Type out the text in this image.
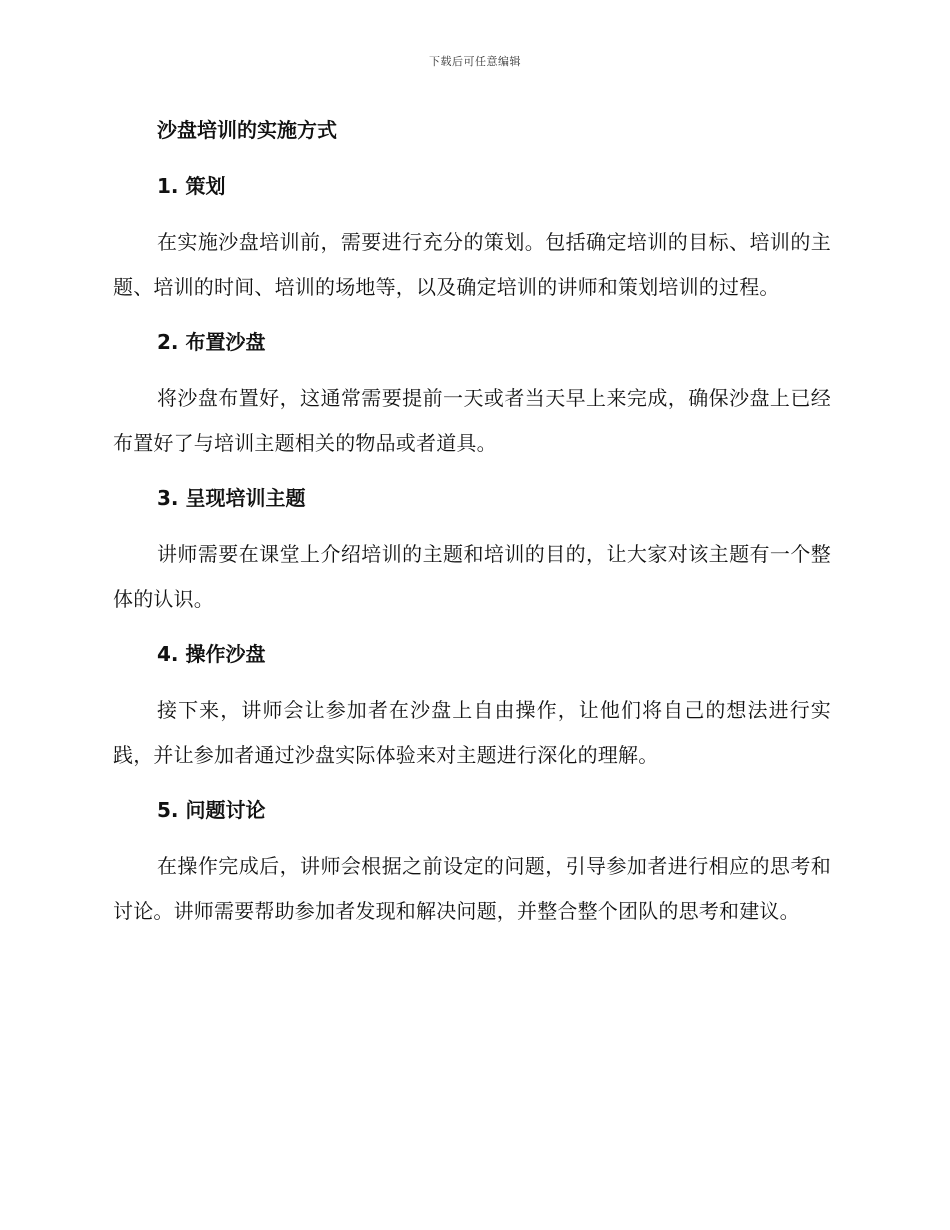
下载后可任意编辑
沙盘培训的实施方式
1. 策划

在实施沙盘培训前，需要进行充分的策划。包括确定培训的目标、培训的主题、培训的时间、培训的场地等，以及确定培训的讲师和策划培训的过程。

2. 布置沙盘

将沙盘布置好，这通常需要提前一天或者当天早上来完成，确保沙盘上已经布置好了与培训主题相关的物品或者道具。

3. 呈现培训主题

讲师需要在课堂上介绍培训的主题和培训的目的，让大家对该主题有一个整体的认识。

4. 操作沙盘

接下来，讲师会让参加者在沙盘上自由操作，让他们将自己的想法进行实践，并让参加者通过沙盘实际体验来对主题进行深化的理解。

5. 问题讨论

在操作完成后，讲师会根据之前设定的问题，引导参加者进行相应的思考和讨论。讲师需要帮助参加者发现和解决问题，并整合整个团队的思考和建议。
